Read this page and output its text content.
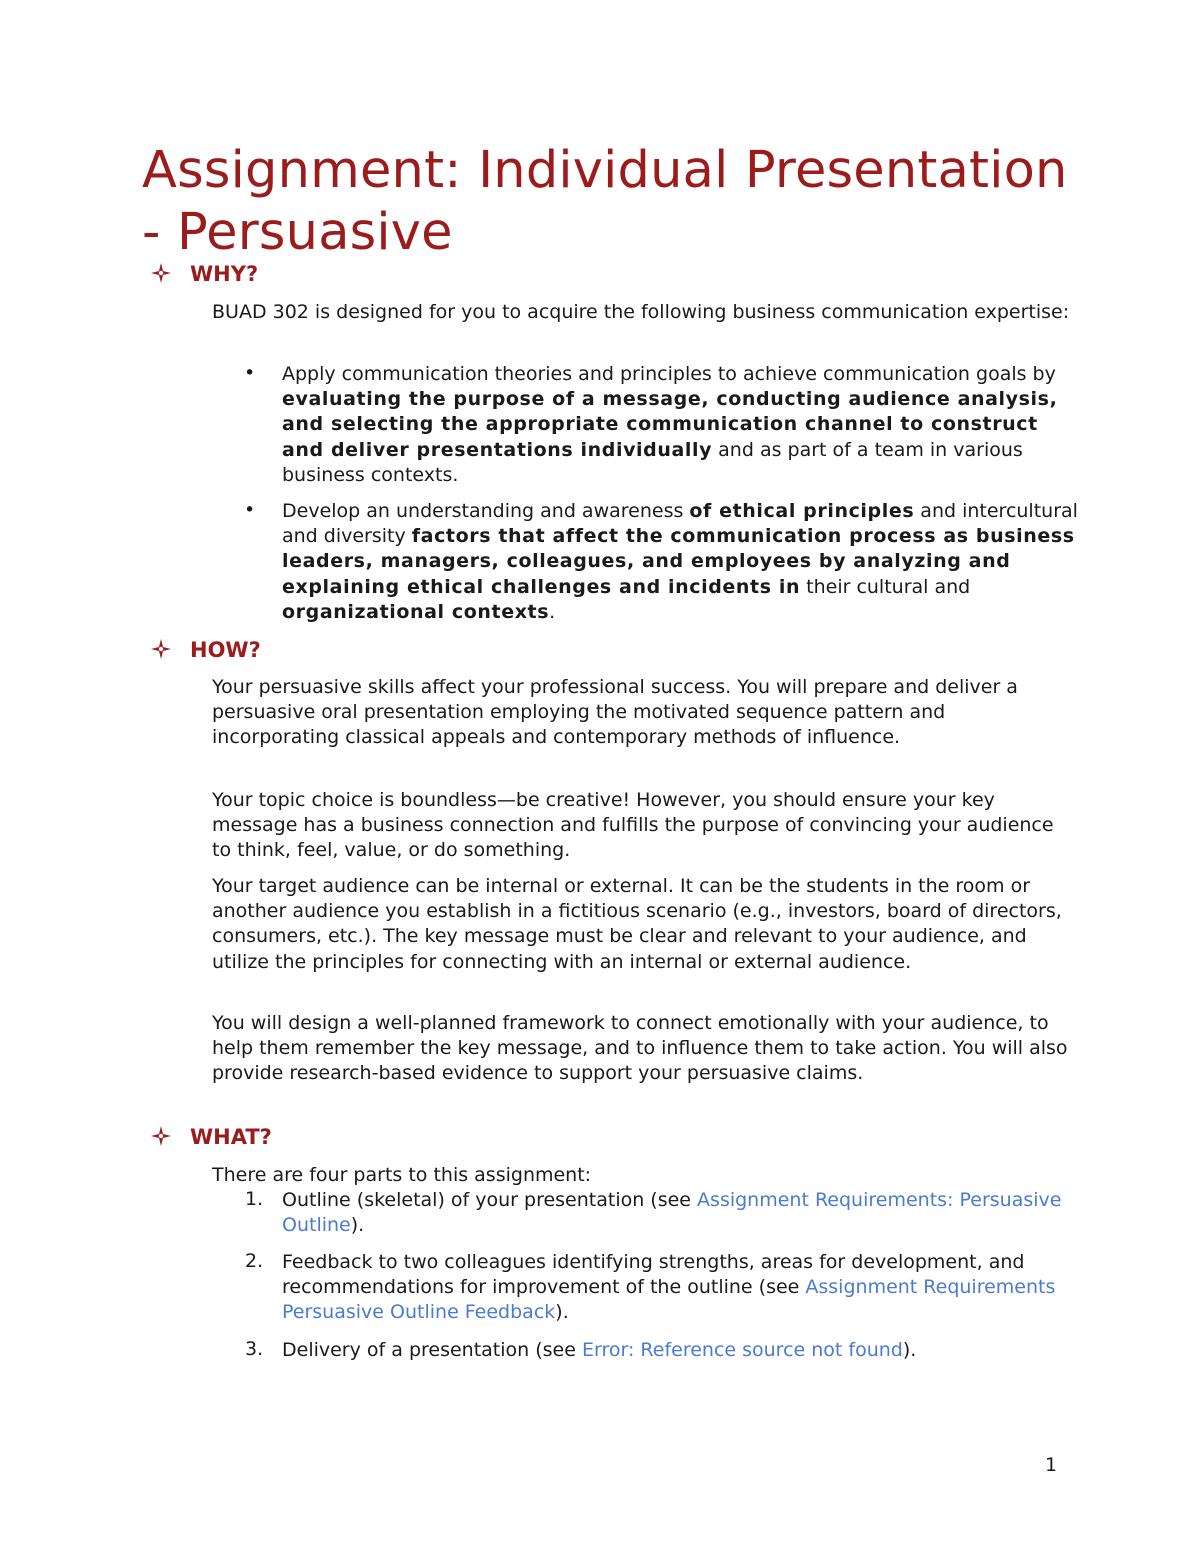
Assignment: Individual Presentation - Persuasive
WHY?

BUAD 302 is designed for you to acquire the following business communication expertise:

• Apply communication theories and principles to achieve communication goals by evaluating the purpose of a message, conducting audience analysis, and selecting the appropriate communication channel to construct and deliver presentations individually and as part of a team in various business contexts.

• Develop an understanding and awareness of ethical principles and intercultural and diversity factors that affect the communication process as business leaders, managers, colleagues, and employees by analyzing and explaining ethical challenges and incidents in their cultural and organizational contexts.

HOW?

Your persuasive skills affect your professional success. You will prepare and deliver a persuasive oral presentation employing the motivated sequence pattern and incorporating classical appeals and contemporary methods of influence.

Your topic choice is boundless—be creative! However, you should ensure your key message has a business connection and fulfills the purpose of convincing your audience to think, feel, value, or do something.

Your target audience can be internal or external. It can be the students in the room or another audience you establish in a fictitious scenario (e.g., investors, board of directors, consumers, etc.). The key message must be clear and relevant to your audience, and utilize the principles for connecting with an internal or external audience.

You will design a well-planned framework to connect emotionally with your audience, to help them remember the key message, and to influence them to take action. You will also provide research-based evidence to support your persuasive claims.

WHAT?

There are four parts to this assignment:

1. Outline (skeletal) of your presentation (see Assignment Requirements: Persuasive Outline).

2. Feedback to two colleagues identifying strengths, areas for development, and recommendations for improvement of the outline (see Assignment Requirements Persuasive Outline Feedback).

3. Delivery of a presentation (see Error: Reference source not found).

1
